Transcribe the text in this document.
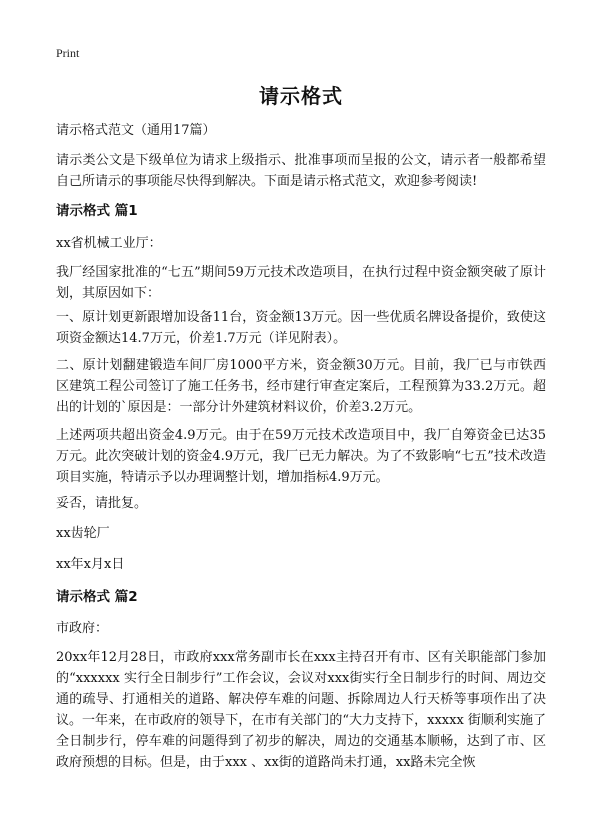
Print
请示格式

请示格式范文（通用17篇）

请示类公文是下级单位为请求上级指示、批准事项而呈报的公文，请示者一般都希望自己所请示的事项能尽快得到解决。下面是请示格式范文，欢迎参考阅读!

请示格式 篇1

xx省机械工业厅：

我厂经国家批准的“七五”期间59万元技术改造项目，在执行过程中资金额突破了原计划，其原因如下：

一、原计划更新跟增加设备11台，资金额13万元。因一些优质名牌设备提价，致使这项资金额达14.7万元，价差1.7万元（详见附表）。

二、原计划翻建锻造车间厂房1000平方米，资金额30万元。目前，我厂已与市铁西区建筑工程公司签订了施工任务书，经市建行审查定案后，工程预算为33.2万元。超出的计划的`原因是：一部分计外建筑材料议价，价差3.2万元。

上述两项共超出资金4.9万元。由于在59万元技术改造项目中，我厂自筹资金已达35万元。此次突破计划的资金4.9万元，我厂已无力解决。为了不致影响“七五”技术改造项目实施，特请示予以办理调整计划，增加指标4.9万元。

妥否，请批复。

xx齿轮厂

xx年x月x日

请示格式 篇2

市政府：

20xx年12月28日，市政府xxx常务副市长在xxx主持召开有市、区有关职能部门参加的“xxxxxx 实行全日制步行”工作会议，会议对xxx街实行全日制步行的时间、周边交通的疏导、打通相关的道路、解决停车难的问题、拆除周边人行天桥等事项作出了决议。一年来，在市政府的领导下，在市有关部门的“大力支持下，xxxxx 街顺利实施了全日制步行，停车难的问题得到了初步的解决，周边的交通基本顺畅，达到了市、区政府预想的目标。但是，由于xxx 、xx街的道路尚未打通，xx路未完全恢
